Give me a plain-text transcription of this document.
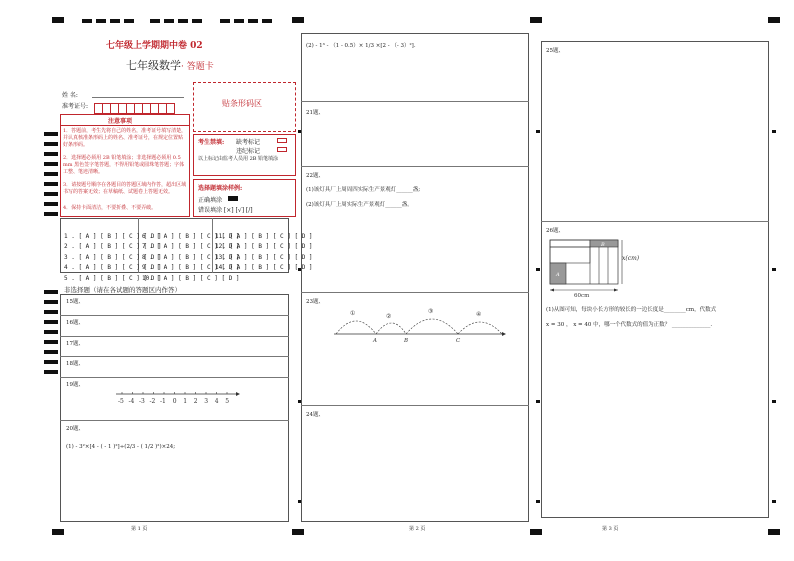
七年级上学期期中卷 02
七年级数学· 答题卡
姓 名:
准考证号:	贴条形码区
注意事项
1．答题前，考生先将自己的姓名，准考证号填写清楚，并认真核准条形码上的姓名、准考证号，在规定位置贴好条形码。
2．选择题必须用 2B 铅笔填涂；非选择题必须用 0.5 mm 黑色签字笔答题，不得用铅笔或圆珠笔答题；字体工整、笔迹清晰。
3．请按题号顺序在各题目的答题区域内作答，超出区域书写的答案无效；在草稿纸、试题卷上答题无效。
4．保持卡面清洁，不要折叠、不要弄破。
考生禁填: 缺考标记
违纪标记
以上标记由监考人员用 2B 铅笔填涂
选择题填涂样例:
正确填涂
错误填涂 [×] [√] [/]

1 . [ A ] [ B ] [ C ] [ D ]
2 . [ A ] [ B ] [ C ] [ D ]
3 . [ A ] [ B ] [ C ] [ D ]
4 . [ A ] [ B ] [ C ] [ D ]
5 . [ A ] [ B ] [ C ] [ D ]

6 . [ A ] [ B ] [ C ] [ D ]
7 . [ A ] [ B ] [ C ] [ D ]
8 . [ A ] [ B ] [ C ] [ D ]
9 . [ A ] [ B ] [ C ] [ D ]
10. [ A ] [ B ] [ C ] [ D ]

11. [ A ] [ B ] [ C ] [ D ]
12. [ A ] [ B ] [ C ] [ D ]
13. [ A ] [ B ] [ C ] [ D ]
14. [ A ] [ B ] [ C ] [ D ]
非选择题（请在各试题的答题区内作答）
15题、
16题、
17题、
18题、
19题、
-5 -4 -3 -2 -1 0 1 2 3 4 5
20题、
(1) - 3²×[4 - ( - 1 )²]÷(2/3 - ( 1/2 )²)×24;
第 1 页
(2) - 1³ - （1 - 0.5）× 1/3 ×[2 - （- 3）²].
21题、
22题、
(1)该灯具厂上周周四实际生产景观灯______盏;
(2)该灯具厂上周实际生产景观灯______盏。
23题、
①	②
③	④
A	B	C
24题、
第 2 页
25题、
26题、
A
B
60cm
x(cm)
(1)从图可知，每块小长方形的较长的一边长度是________cm，代数式
x = 30 ， x = 40 中，哪一个代数式的值为正数？ ______________.
第 3 页
